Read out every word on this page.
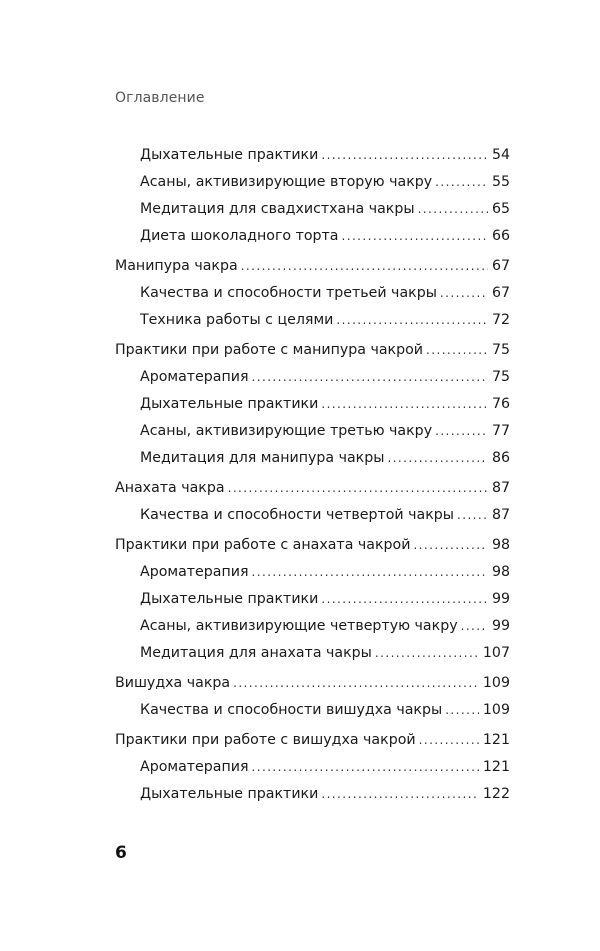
Оглавление
Дыхательные практики . . .	54
Асаны, активизирующие вторую чакру . . .	55
Медитация для свадхистхана чакры . . .	65
Диета шоколадного торта . . .	66
Манипура чакра . . .	67
Качества и способности третьей чакры . . .	67
Техника работы с целями . . .	72
Практики при работе с манипура чакрой . . .	75
Ароматерапия . . .	75
Дыхательные практики . . .	76
Асаны, активизирующие третью чакру . . .	77
Медитация для манипура чакры . . .	86
Анахата чакра . . .	87
Качества и способности четвертой чакры . . .	87
Практики при работе с анахата чакрой . . .	98
Ароматерапия . . .	98
Дыхательные практики . . .	99
Асаны, активизирующие четвертую чакру . . . 99
Медитация для анахата чакры . . .	107
Вишудха чакра . . .	109
Качества и способности вишудха чакры . . .	109
Практики при работе с вишудха чакрой . . .	121
Ароматерапия . . .	121
Дыхательные практики . . .	122
6
